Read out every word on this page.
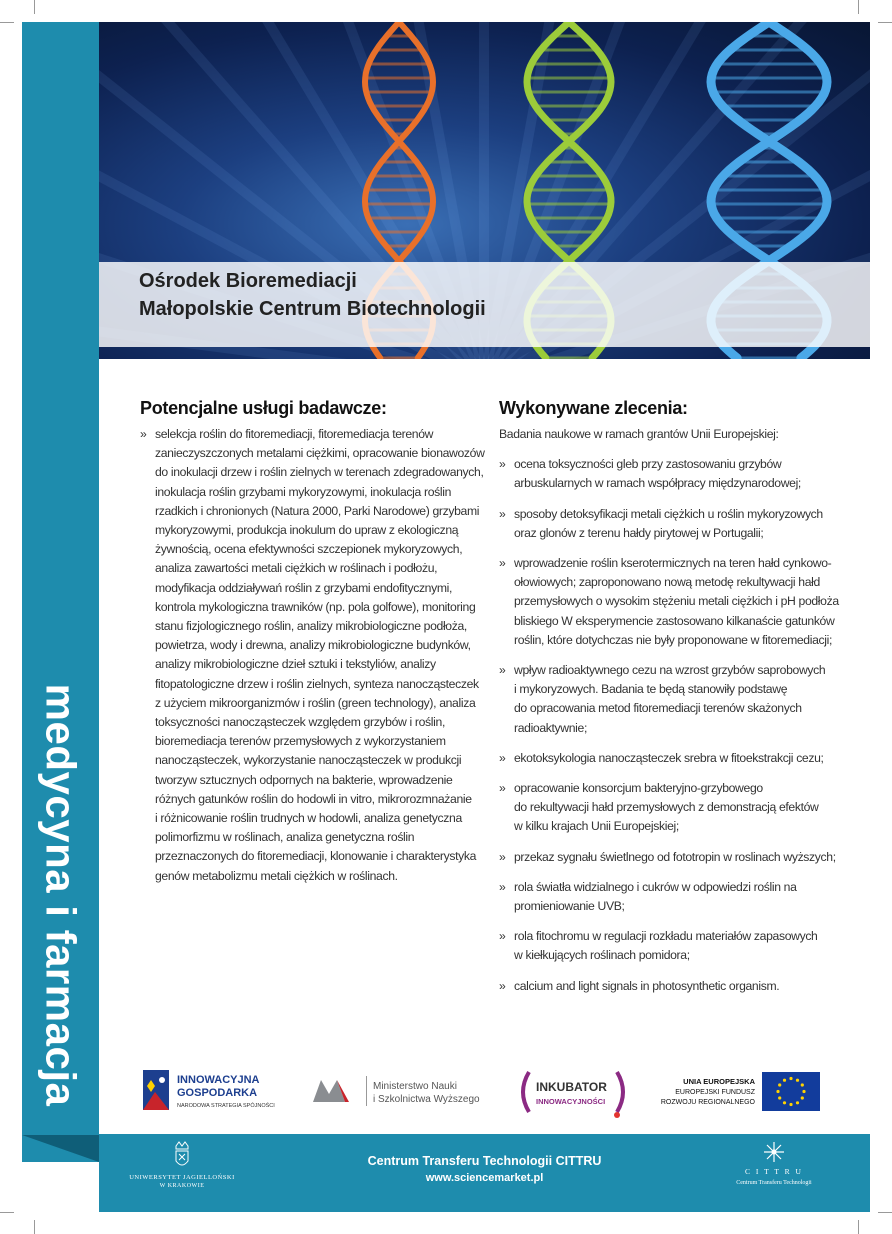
medycyna i farmacja
Ośrodek Bioremediacji
Małopolskie Centrum Biotechnologii
Potencjalne usługi badawcze:
» selekcja roślin do fitoremediacji, fitoremediacja terenów
zanieczyszczonych metalami ciężkimi, opracowanie bionawozów
do inokulacji drzew i roślin zielnych w terenach zdegradowanych,
inokulacja roślin grzybami mykoryzowymi, inokulacja roślin
rzadkich i chronionych (Natura 2000, Parki Narodowe) grzybami
mykoryzowymi, produkcja inokulum do upraw z ekologiczną
żywnością, ocena efektywności szczepionek mykoryzowych,
analiza zawartości metali ciężkich w roślinach i podłożu,
modyfikacja oddziaływań roślin z grzybami endofitycznymi,
kontrola mykologiczna trawników (np. pola golfowe), monitoring
stanu fizjologicznego roślin, analizy mikrobiologiczne podłoża,
powietrza, wody i drewna, analizy mikrobiologiczne budynków,
analizy mikrobiologiczne dzieł sztuki i tekstyliów, analizy
fitopatologiczne drzew i roślin zielnych, synteza nanocząsteczek
z użyciem mikroorganizmów i roślin (green technology), analiza
toksyczności nanocząsteczek względem grzybów i roślin,
bioremediacja terenów przemysłowych z wykorzystaniem
nanocząsteczek, wykorzystanie nanocząsteczek w produkcji
tworzyw sztucznych odpornych na bakterie, wprowadzenie
różnych gatunków roślin do hodowli in vitro, mikrorozmnażanie
i różnicowanie roślin trudnych w hodowli, analiza genetyczna
polimorfizmu w roślinach, analiza genetyczna roślin
przeznaczonych do fitoremediacji, klonowanie i charakterystyka
genów metabolizmu metali ciężkich w roślinach.
Wykonywane zlecenia:
Badania naukowe w ramach grantów Unii Europejskiej:
» ocena toksyczności gleb przy zastosowaniu grzybów
arbuskularnych w ramach współpracy międzynarodowej;
» sposoby detoksyfikacji metali ciężkich u roślin mykoryzowych
oraz glonów z terenu hałdy pirytowej w Portugalii;
» wprowadzenie roślin kserotermicznych na teren hałd cynkowo-
ołowiowych; zaproponowano nową metodę rekultywacji hałd
przemysłowych o wysokim stężeniu metali ciężkich i pH podłoża
bliskiego W eksperymencie zastosowano kilkanaście gatunków
roślin, które dotychczas nie były proponowane w fitoremediacji;
» wpływ radioaktywnego cezu na wzrost grzybów saprobowych
i mykoryzowych. Badania te będą stanowiły podstawę
do opracowania metod fitoremediacji terenów skażonych
radioaktywnie;
» ekotoksykologia nanocząsteczek srebra w fitoekstrakcji cezu;
» opracowanie konsorcjum bakteryjno-grzybowego
do rekultywacji hałd przemysłowych z demonstracją efektów
w kilku krajach Unii Europejskiej;
» przekaz sygnału świetlnego od fototropin w roslinach wyższych;
» rola światła widzialnego i cukrów w odpowiedzi roślin na
promieniowanie UVB;
» rola fitochromu w regulacji rozkładu materiałów zapasowych
w kiełkujących roślinach pomidora;
» calcium and light signals in photosynthetic organism.
INNOWACYJNA
GOSPODARKA
NARODOWA STRATEGIA SPÓJNOŚCI
Ministerstwo Nauki
i Szkolnictwa Wyższego
INKUBATOR
INNOWACYJNOŚCI
UNIA EUROPEJSKA
EUROPEJSKI FUNDUSZ
ROZWOJU REGIONALNEGO
UNIWERSYTET JAGIELLOŃSKI
W KRAKOWIE
C I T T R U
Centrum Transferu Technologii
Centrum Transferu Technologii CITTRU
www.sciencemarket.pl
